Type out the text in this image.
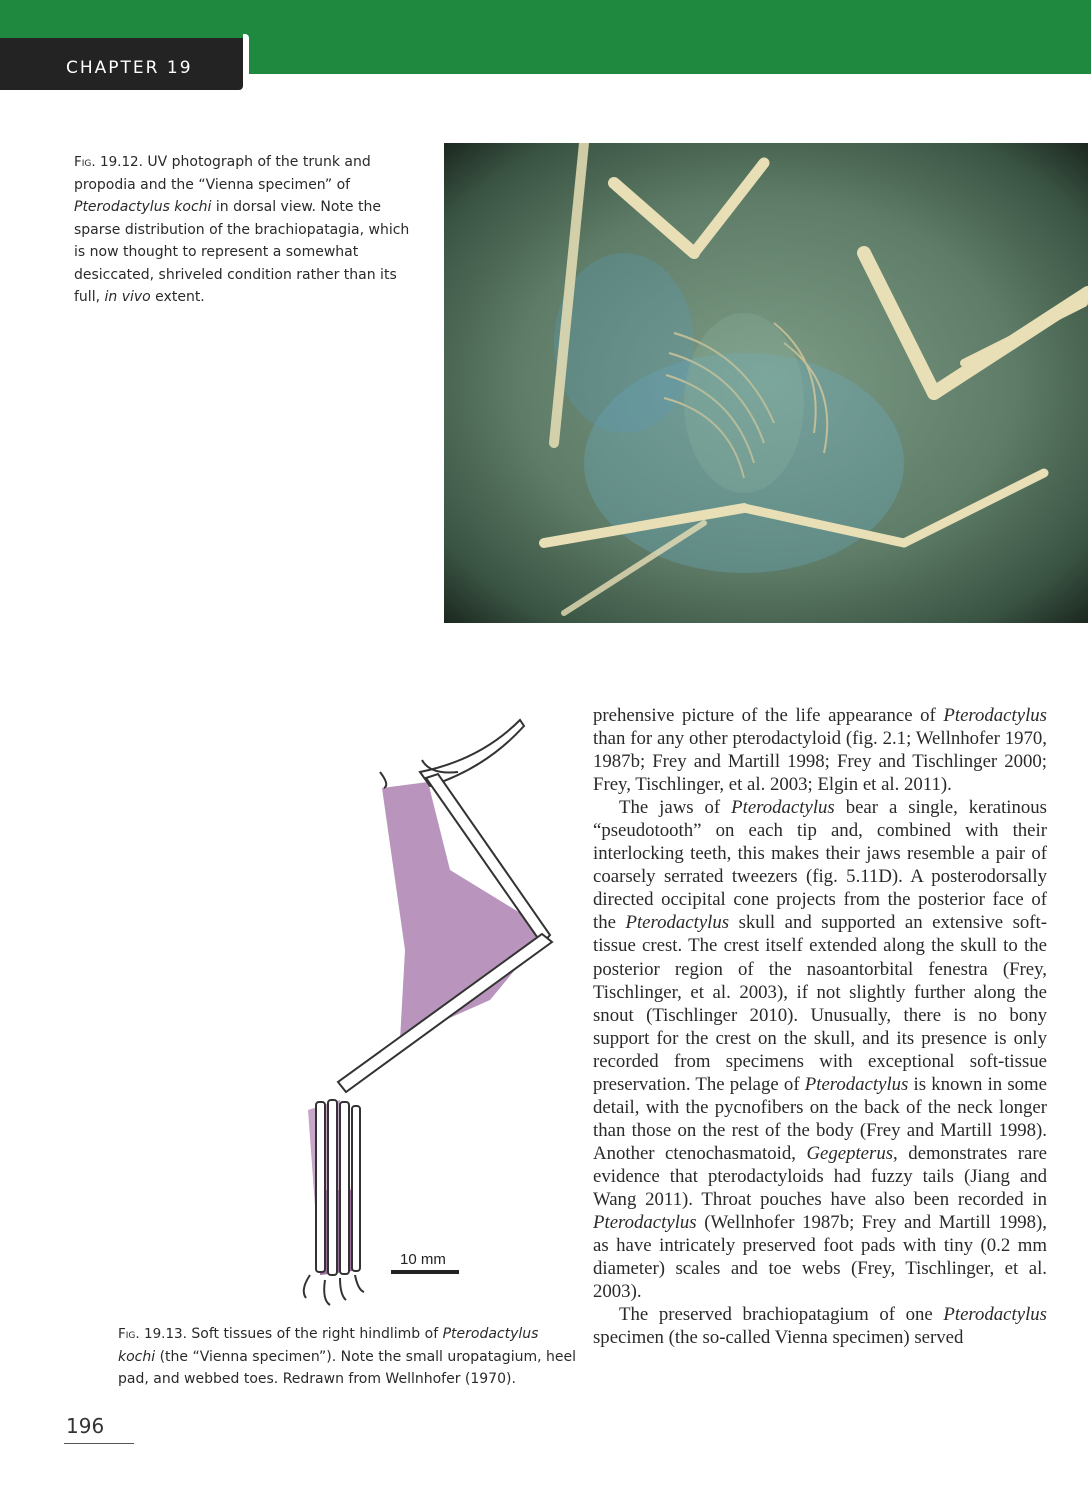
CHAPTER 19
Fig. 19.12. UV photograph of the trunk and propodia and the “Vienna specimen” of Pterodactylus kochi in dorsal view. Note the sparse distribution of the brachiopatagia, which is now thought to represent a somewhat desiccated, shriveled condition rather than its full, in vivo extent.
10 mm
Fig. 19.13. Soft tissues of the right hindlimb of Pterodactylus kochi (the “Vienna specimen”). Note the small uropatagium, heel pad, and webbed toes. Redrawn from Wellnhofer (1970).

prehensive picture of the life appearance of Pterodactylus than for any other pterodactyloid (fig. 2.1; Wellnhofer 1970, 1987b; Frey and Martill 1998; Frey and Tischlinger 2000; Frey, Tischlinger, et al. 2003; Elgin et al. 2011).

The jaws of Pterodactylus bear a single, keratinous “pseudotooth” on each tip and, combined with their interlocking teeth, this makes their jaws resemble a pair of coarsely serrated tweezers (fig. 5.11D). A posterodorsally directed occipital cone projects from the posterior face of the Pterodactylus skull and supported an extensive soft-tissue crest. The crest itself extended along the skull to the posterior region of the nasoantorbital fenestra (Frey, Tischlinger, et al. 2003), if not slightly further along the snout (Tischlinger 2010). Unusually, there is no bony support for the crest on the skull, and its presence is only recorded from specimens with exceptional soft-tissue preservation. The pelage of Pterodactylus is known in some detail, with the pycnofibers on the back of the neck longer than those on the rest of the body (Frey and Martill 1998). Another ctenochasmatoid, Gegepterus, demonstrates rare evidence that pterodactyloids had fuzzy tails (Jiang and Wang 2011). Throat pouches have also been recorded in Pterodactylus (Wellnhofer 1987b; Frey and Martill 1998), as have intricately preserved foot pads with tiny (0.2 mm diameter) scales and toe webs (Frey, Tischlinger, et al. 2003).

The preserved brachiopatagium of one Pterodactylus specimen (the so-called Vienna specimen) served

196
